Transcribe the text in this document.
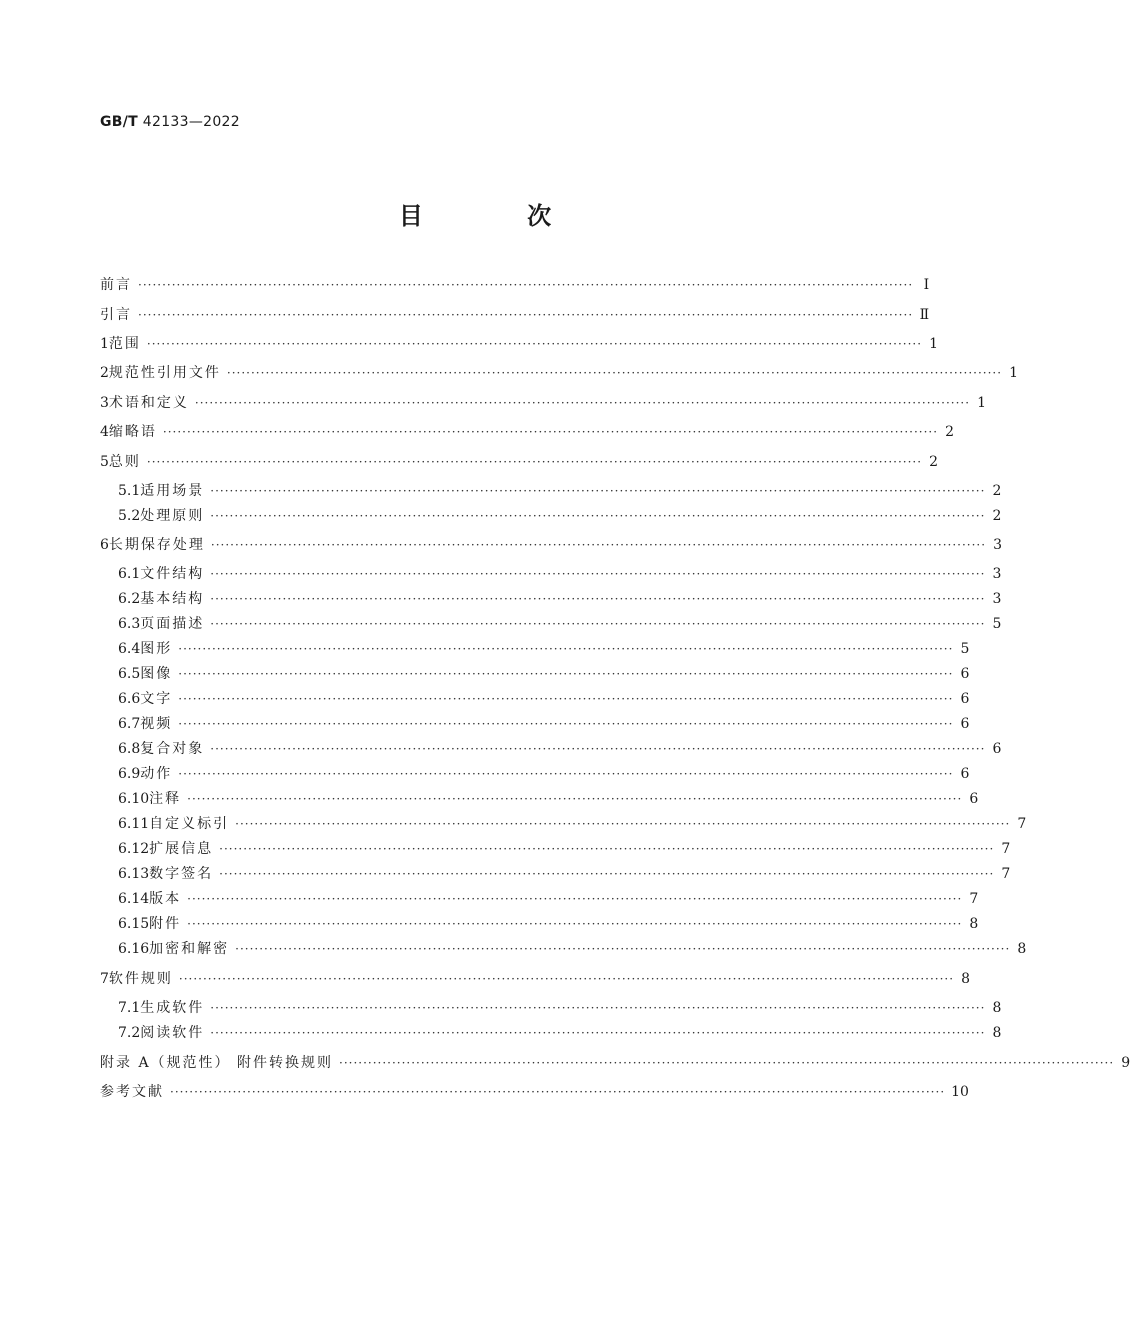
GB/T 42133—2022
目 次
前言 ································································································································································· Ⅰ
引言 ································································································································································· Ⅱ
1 范围 ································································································································································· 1
2 规范性引用文件 ································································································································································· 1
3 术语和定义 ································································································································································· 1
4 缩略语 ································································································································································· 2
5 总则 ································································································································································· 2
5.1 适用场景 ································································································································································· 2
5.2 处理原则 ································································································································································· 2
6 长期保存处理 ································································································································································· 3
6.1 文件结构 ································································································································································· 3
6.2 基本结构 ································································································································································· 3
6.3 页面描述 ································································································································································· 5
6.4 图形 ································································································································································· 5
6.5 图像 ································································································································································· 6
6.6 文字 ································································································································································· 6
6.7 视频 ································································································································································· 6
6.8 复合对象 ································································································································································· 6
6.9 动作 ································································································································································· 6
6.10 注释 ································································································································································· 6
6.11 自定义标引 ································································································································································· 7
6.12 扩展信息 ································································································································································· 7
6.13 数字签名 ································································································································································· 7
6.14 版本 ································································································································································· 7
6.15 附件 ································································································································································· 8
6.16 加密和解密 ································································································································································· 8
7 软件规则 ································································································································································· 8
7.1 生成软件 ································································································································································· 8
7.2 阅读软件 ································································································································································· 8
附录 A（规范性） 附件转换规则 ································································································································································· 9
参考文献 ································································································································································· 10
